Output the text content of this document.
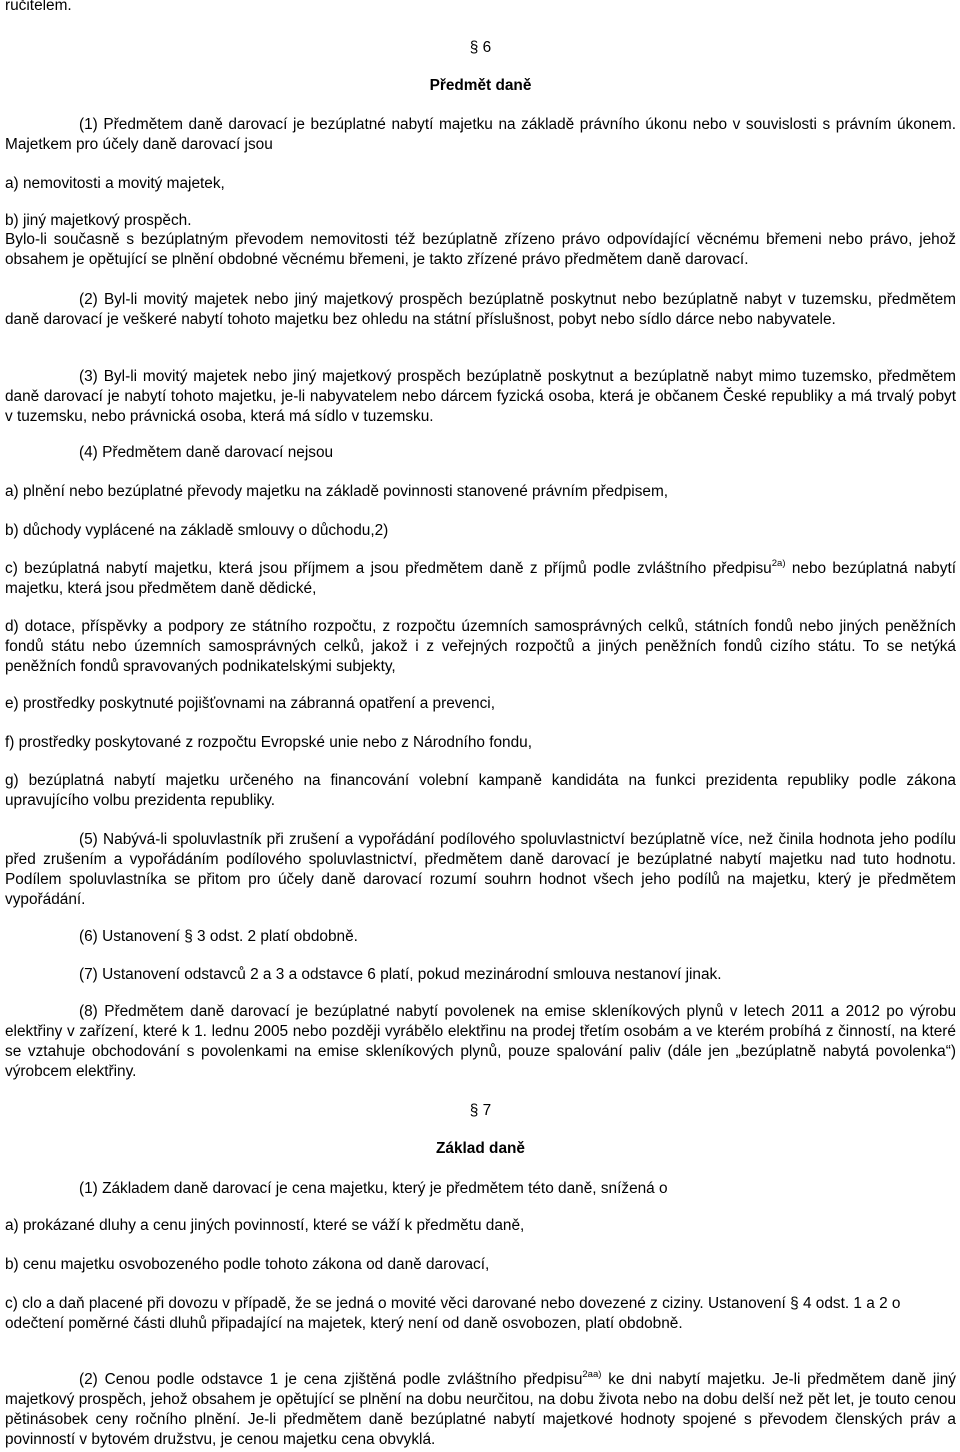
ručitelem.

§ 6

Předmět daně

(1) Předmětem daně darovací je bezúplatné nabytí majetku na základě právního úkonu nebo v souvislosti s právním úkonem. Majetkem pro účely daně darovací jsou

a) nemovitosti a movitý majetek,

b) jiný majetkový prospěch.

Bylo-li současně s bezúplatným převodem nemovitosti též bezúplatně zřízeno právo odpovídající věcnému břemeni nebo právo, jehož obsahem je opětující se plnění obdobné věcnému břemeni, je takto zřízené právo předmětem daně darovací.

(2) Byl-li movitý majetek nebo jiný majetkový prospěch bezúplatně poskytnut nebo bezúplatně nabyt v tuzemsku, předmětem daně darovací je veškeré nabytí tohoto majetku bez ohledu na státní příslušnost, pobyt nebo sídlo dárce nebo nabyvatele.

(3) Byl-li movitý majetek nebo jiný majetkový prospěch bezúplatně poskytnut a bezúplatně nabyt mimo tuzemsko, předmětem daně darovací je nabytí tohoto majetku, je-li nabyvatelem nebo dárcem fyzická osoba, která je občanem České republiky a má trvalý pobyt v tuzemsku, nebo právnická osoba, která má sídlo v tuzemsku.

(4) Předmětem daně darovací nejsou

a) plnění nebo bezúplatné převody majetku na základě povinnosti stanovené právním předpisem,

b) důchody vyplácené na základě smlouvy o důchodu,2)

c) bezúplatná nabytí majetku, která jsou příjmem a jsou předmětem daně z příjmů podle zvláštního předpisu$^{2a)}$ nebo bezúplatná nabytí majetku, která jsou předmětem daně dědické,

d) dotace, příspěvky a podpory ze státního rozpočtu, z rozpočtu územních samosprávných celků, státních fondů nebo jiných peněžních fondů státu nebo územních samosprávných celků, jakož i z veřejných rozpočtů a jiných peněžních fondů cizího státu. To se netýká peněžních fondů spravovaných podnikatelskými subjekty,

e) prostředky poskytnuté pojišťovnami na zábranná opatření a prevenci,

f) prostředky poskytované z rozpočtu Evropské unie nebo z Národního fondu,

g) bezúplatná nabytí majetku určeného na financování volební kampaně kandidáta na funkci prezidenta republiky podle zákona upravujícího volbu prezidenta republiky.

(5) Nabývá-li spoluvlastník při zrušení a vypořádání podílového spoluvlastnictví bezúplatně více, než činila hodnota jeho podílu před zrušením a vypořádáním podílového spoluvlastnictví, předmětem daně darovací je bezúplatné nabytí majetku nad tuto hodnotu. Podílem spoluvlastníka se přitom pro účely daně darovací rozumí souhrn hodnot všech jeho podílů na majetku, který je předmětem vypořádání.

(6) Ustanovení § 3 odst. 2 platí obdobně.

(7) Ustanovení odstavců 2 a 3 a odstavce 6 platí, pokud mezinárodní smlouva nestanoví jinak.

(8) Předmětem daně darovací je bezúplatné nabytí povolenek na emise skleníkových plynů v letech 2011 a 2012 po výrobu elektřiny v zařízení, které k 1. lednu 2005 nebo později vyrábělo elektřinu na prodej třetím osobám a ve kterém probíhá z činností, na které se vztahuje obchodování s povolenkami na emise skleníkových plynů, pouze spalování paliv (dále jen „bezúplatně nabytá povolenka“) výrobcem elektřiny.

§ 7

Základ daně

(1) Základem daně darovací je cena majetku, který je předmětem této daně, snížená o

a) prokázané dluhy a cenu jiných povinností, které se váží k předmětu daně,

b) cenu majetku osvobozeného podle tohoto zákona od daně darovací,

c) clo a daň placené při dovozu v případě, že se jedná o movité věci darované nebo dovezené z ciziny. Ustanovení § 4 odst. 1 a 2 o odečtení poměrné části dluhů připadající na majetek, který není od daně osvobozen, platí obdobně.

(2) Cenou podle odstavce 1 je cena zjištěná podle zvláštního předpisu$^{2aa)}$ ke dni nabytí majetku. Je-li předmětem daně jiný majetkový prospěch, jehož obsahem je opětující se plnění na dobu neurčitou, na dobu života nebo na dobu delší než pět let, je touto cenou pětinásobek ceny ročního plnění. Je-li předmětem daně bezúplatné nabytí majetkové hodnoty spojené s převodem členských práv a povinností v bytovém družstvu, je cenou majetku cena obvyklá.
